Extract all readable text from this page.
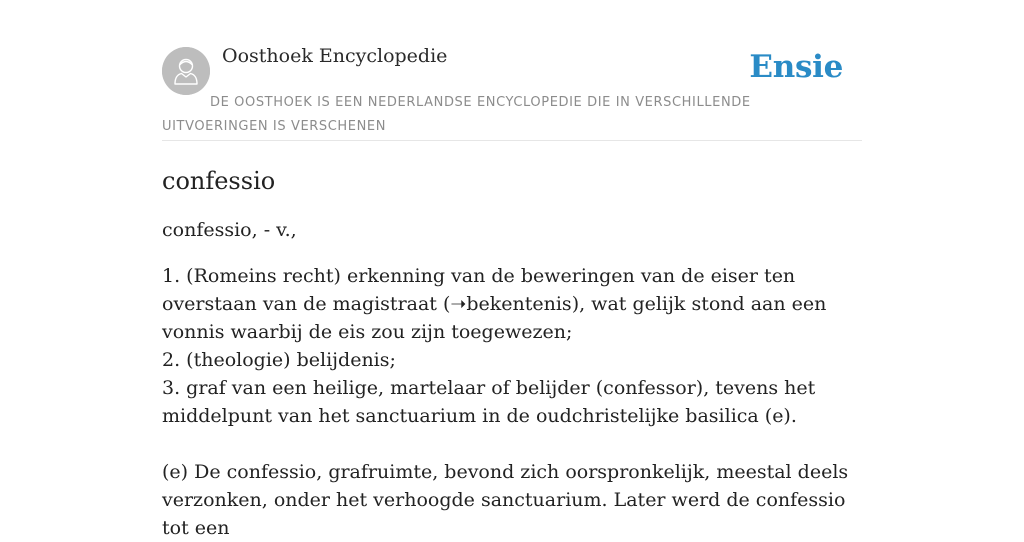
Oosthoek Encyclopedie	Ensie
DE OOSTHOEK IS EEN NEDERLANDSE ENCYCLOPEDIE DIE IN VERSCHILLENDE UITVOERINGEN IS VERSCHENEN
confessio

confessio, - v.,

1. (Romeins recht) erkenning van de beweringen van de eiser ten overstaan van de magistraat (➝bekentenis), wat gelijk stond aan een vonnis waarbij de eis zou zijn toegewezen;

2. (theologie) belijdenis;

3. graf van een heilige, martelaar of belijder (confessor), tevens het middelpunt van het sanctuarium in de oudchristelijke basilica (e).

(e) De confessio, grafruimte, bevond zich oorspronkelijk, meestal deels verzonken, onder het verhoogde sanctuarium. Later werd de confessio tot een
